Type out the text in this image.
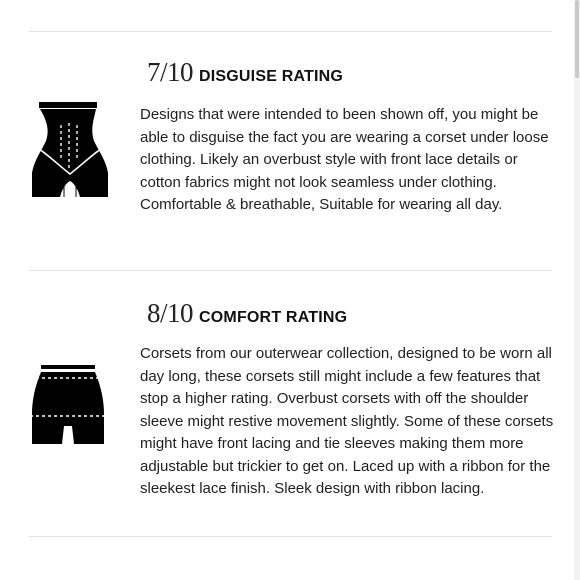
7/10 DISGUISE RATING

Designs that were intended to been shown off, you might be able to disguise the fact you are wearing a corset under loose clothing. Likely an overbust style with front lace details or cotton fabrics might not look seamless under clothing. Comfortable & breathable, Suitable for wearing all day.

8/10 COMFORT RATING

Corsets from our outerwear collection, designed to be worn all day long, these corsets still might include a few features that stop a higher rating. Overbust corsets with off the shoulder sleeve might restive movement slightly. Some of these corsets might have front lacing and tie sleeves making them more adjustable but trickier to get on. Laced up with a ribbon for the sleekest lace finish. Sleek design with ribbon lacing.
